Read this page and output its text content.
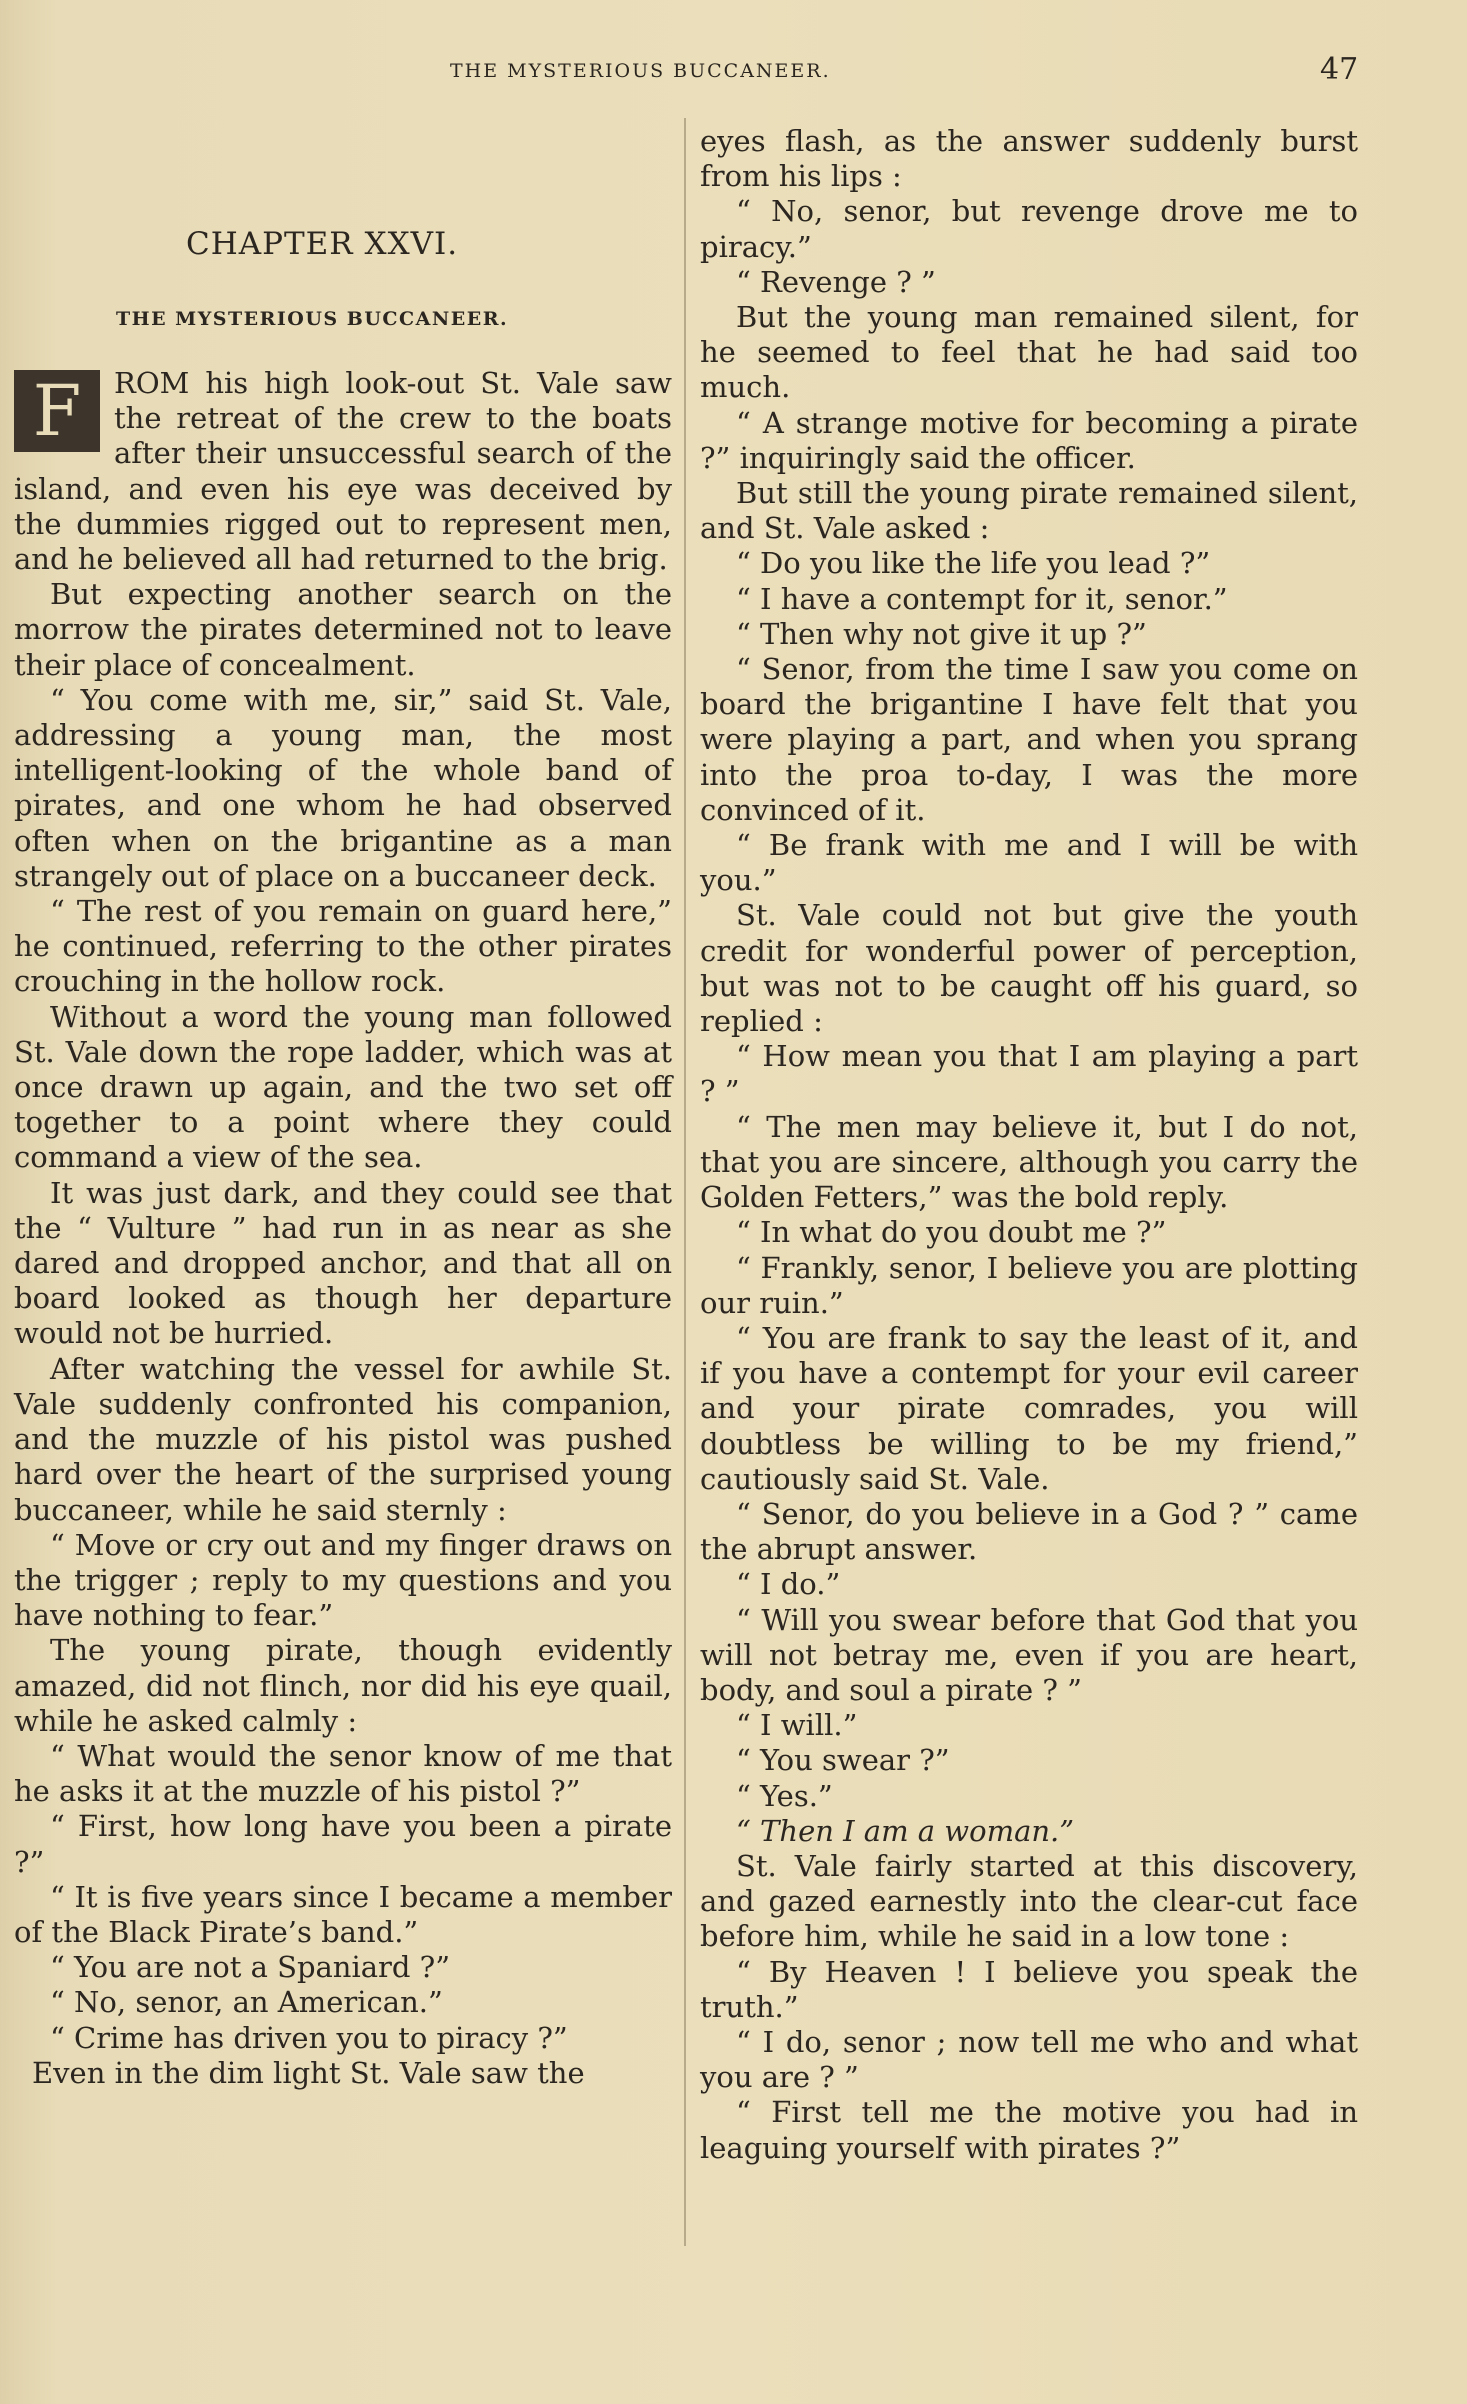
THE MYSTERIOUS BUCCANEER.	47
CHAPTER XXVI.
THE MYSTERIOUS BUCCANEER.

F	ROM his high look-out St. Vale saw the retreat of the crew to the boats after their unsuccessful search of the island, and even his eye was deceived by the dummies rigged out to represent men, and he believed all had returned to the brig.

But expecting another search on the morrow the pirates determined not to leave their place of concealment.

“ You come with me, sir,” said St. Vale, addressing a young man, the most intelligent-looking of the whole band of pirates, and one whom he had observed often when on the brigantine as a man strangely out of place on a buccaneer deck.

“ The rest of you remain on guard here,” he continued, referring to the other pirates crouching in the hollow rock.

Without a word the young man followed St. Vale down the rope ladder, which was at once drawn up again, and the two set off together to a point where they could command a view of the sea.

It was just dark, and they could see that the “ Vulture ” had run in as near as she dared and dropped anchor, and that all on board looked as though her departure would not be hurried.

After watching the vessel for awhile St. Vale suddenly confronted his companion, and the muzzle of his pistol was pushed hard over the heart of the surprised young buccaneer, while he said sternly :

“ Move or cry out and my finger draws on the trigger ; reply to my questions and you have nothing to fear.”

The young pirate, though evidently amazed, did not flinch, nor did his eye quail, while he asked calmly :

“ What would the senor know of me that he asks it at the muzzle of his pistol ?”

“ First, how long have you been a pirate ?”

“ It is five years since I became a member of the Black Pirate’s band.”

“ You are not a Spaniard ?”

“ No, senor, an American.”

“ Crime has driven you to piracy ?”

Even in the dim light St. Vale saw the

eyes flash, as the answer suddenly burst from his lips :

“ No, senor, but revenge drove me to piracy.”

“ Revenge ? ”

But the young man remained silent, for he seemed to feel that he had said too much.

“ A strange motive for becoming a pirate ?” inquiringly said the officer.

But still the young pirate remained silent, and St. Vale asked :

“ Do you like the life you lead ?”

“ I have a contempt for it, senor.”

“ Then why not give it up ?”

“ Senor, from the time I saw you come on board the brigantine I have felt that you were playing a part, and when you sprang into the proa to-day, I was the more convinced of it.

“ Be frank with me and I will be with you.”

St. Vale could not but give the youth credit for wonderful power of perception, but was not to be caught off his guard, so replied :

“ How mean you that I am playing a part ? ”

“ The men may believe it, but I do not, that you are sincere, although you carry the Golden Fetters,” was the bold reply.

“ In what do you doubt me ?”

“ Frankly, senor, I believe you are plotting our ruin.”

“ You are frank to say the least of it, and if you have a contempt for your evil career and your pirate comrades, you will doubtless be willing to be my friend,” cautiously said St. Vale.

“ Senor, do you believe in a God ? ” came the abrupt answer.

“ I do.”

“ Will you swear before that God that you will not betray me, even if you are heart, body, and soul a pirate ? ”

“ I will.”

“ You swear ?”

“ Yes.”

“ Then I am a woman.”

St. Vale fairly started at this discovery, and gazed earnestly into the clear-cut face before him, while he said in a low tone :

“ By Heaven ! I believe you speak the truth.”

“ I do, senor ; now tell me who and what you are ? ”

“ First tell me the motive you had in leaguing yourself with pirates ?”
